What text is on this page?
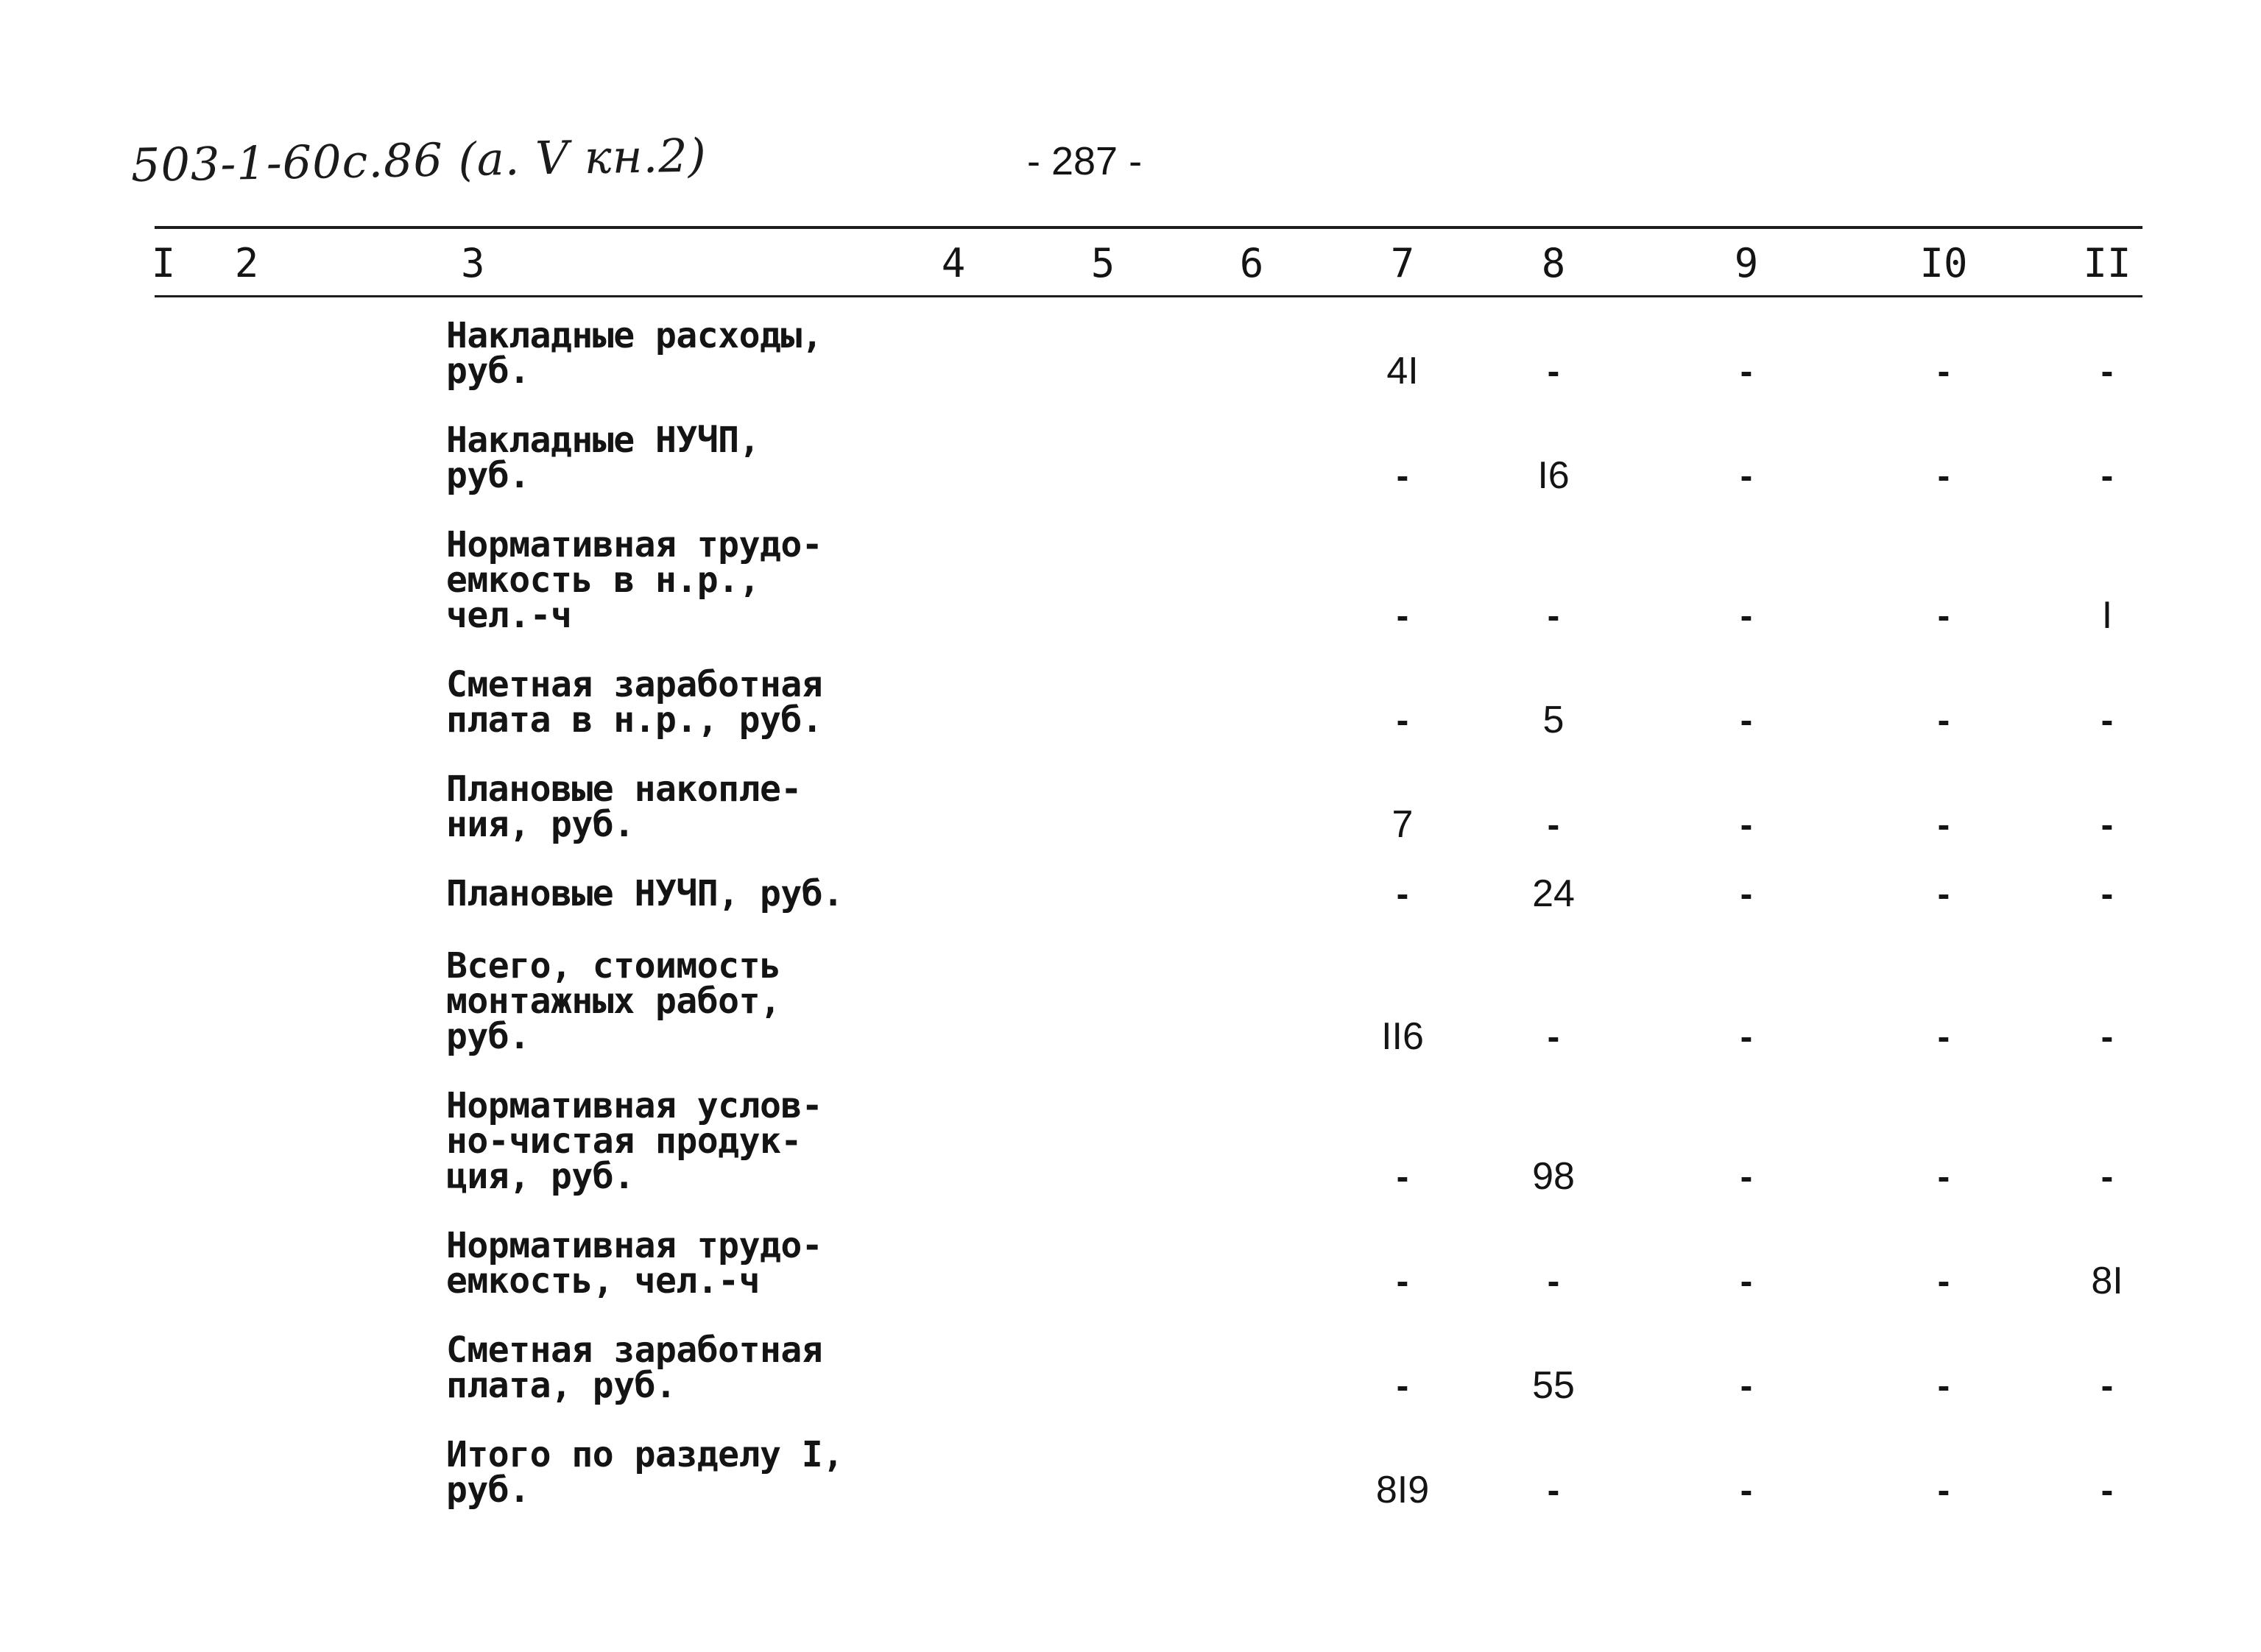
503-1-60с.86 (а. V кн.2)	- 287 -
I 2	3	4	5	6	7	8	9	I0	II
Накладные расходы,
руб.	4I	-	-	-	-
Накладные НУЧП,
руб.	-	I6	-	-	-
Нормативная трудо-
емкость в н.р.,
чел.-ч	-	-	-	-	I
Сметная заработная
плата в н.р., руб.	-	5	-	-	-
Плановые накопле-
ния, руб.	7	-	-	-	-
Плановые НУЧП, руб.	-	24	-	-	-
Всего, стоимость
монтажных работ,
руб.	II6	-	-	-	-
Нормативная услов-
но-чистая продук-
ция, руб.	-	98	-	-	-
Нормативная трудо-
емкость, чел.-ч	-	-	-	-	8I
Сметная заработная
плата, руб.	-	55	-	-	-
Итого по разделу I,
руб.	8I9	-	-	-	-
